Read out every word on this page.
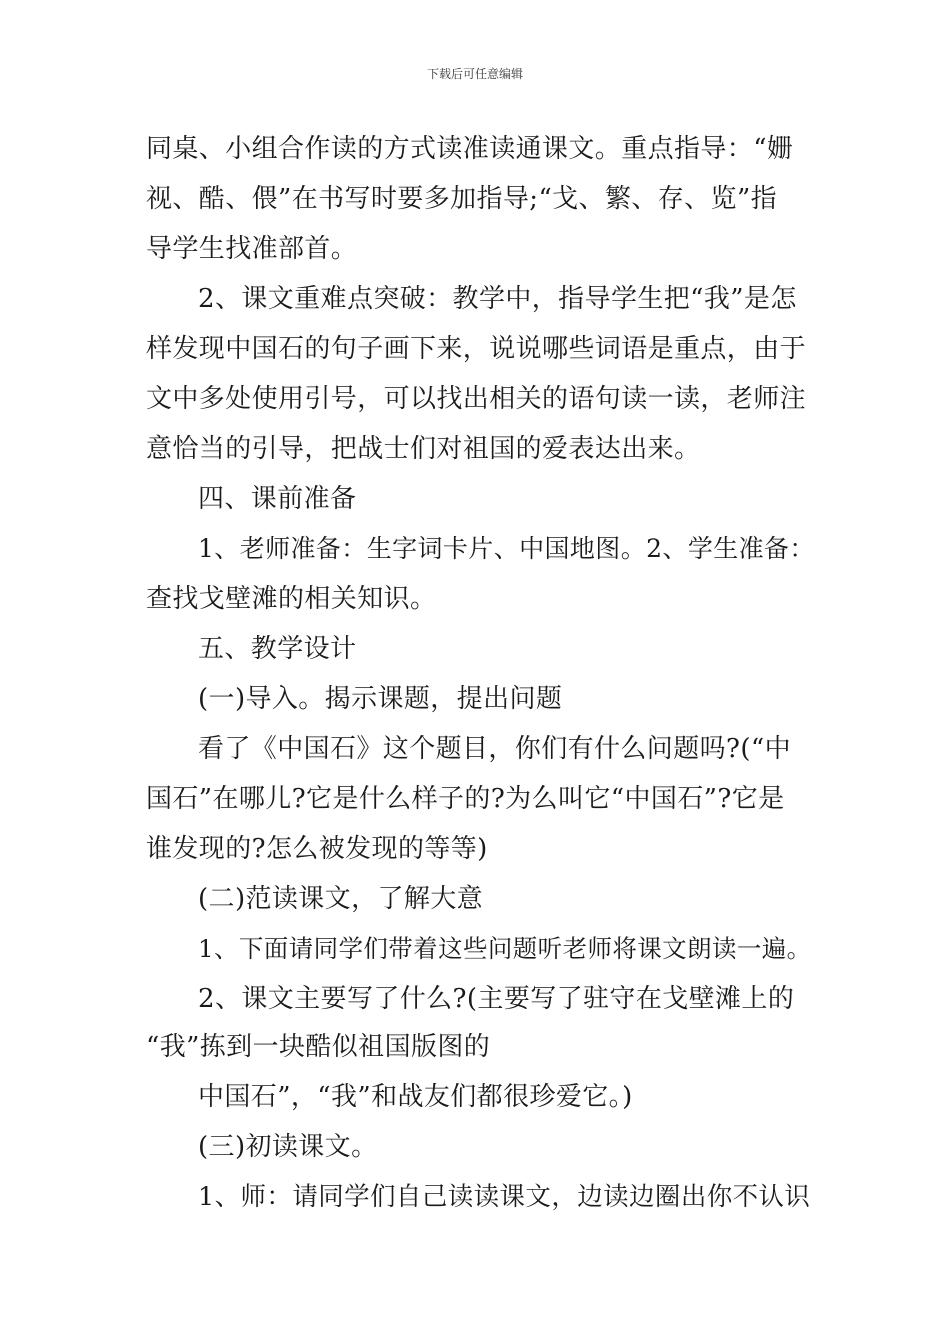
下载后可任意编辑
同桌、小组合作读的方式读准读通课文。重点指导：“姗
视、酷、偎”在书写时要多加指导;“戈、繁、存、览”指
导学生找准部首。
2、课文重难点突破：教学中，指导学生把“我”是怎
样发现中国石的句子画下来，说说哪些词语是重点，由于
文中多处使用引号，可以找出相关的语句读一读，老师注
意恰当的引导，把战士们对祖国的爱表达出来。
四、课前准备
1、老师准备：生字词卡片、中国地图。2、学生准备：
查找戈壁滩的相关知识。
五、教学设计
(一)导入。揭示课题，提出问题
看了《中国石》这个题目，你们有什么问题吗?(“中
国石”在哪儿?它是什么样子的?为么叫它“中国石”?它是
谁发现的?怎么被发现的等等)
(二)范读课文，了解大意
1、下面请同学们带着这些问题听老师将课文朗读一遍。
2、课文主要写了什么?(主要写了驻守在戈壁滩上的
“我”拣到一块酷似祖国版图的
中国石”，“我”和战友们都很珍爱它。)
(三)初读课文。
1、师：请同学们自己读读课文，边读边圈出你不认识
